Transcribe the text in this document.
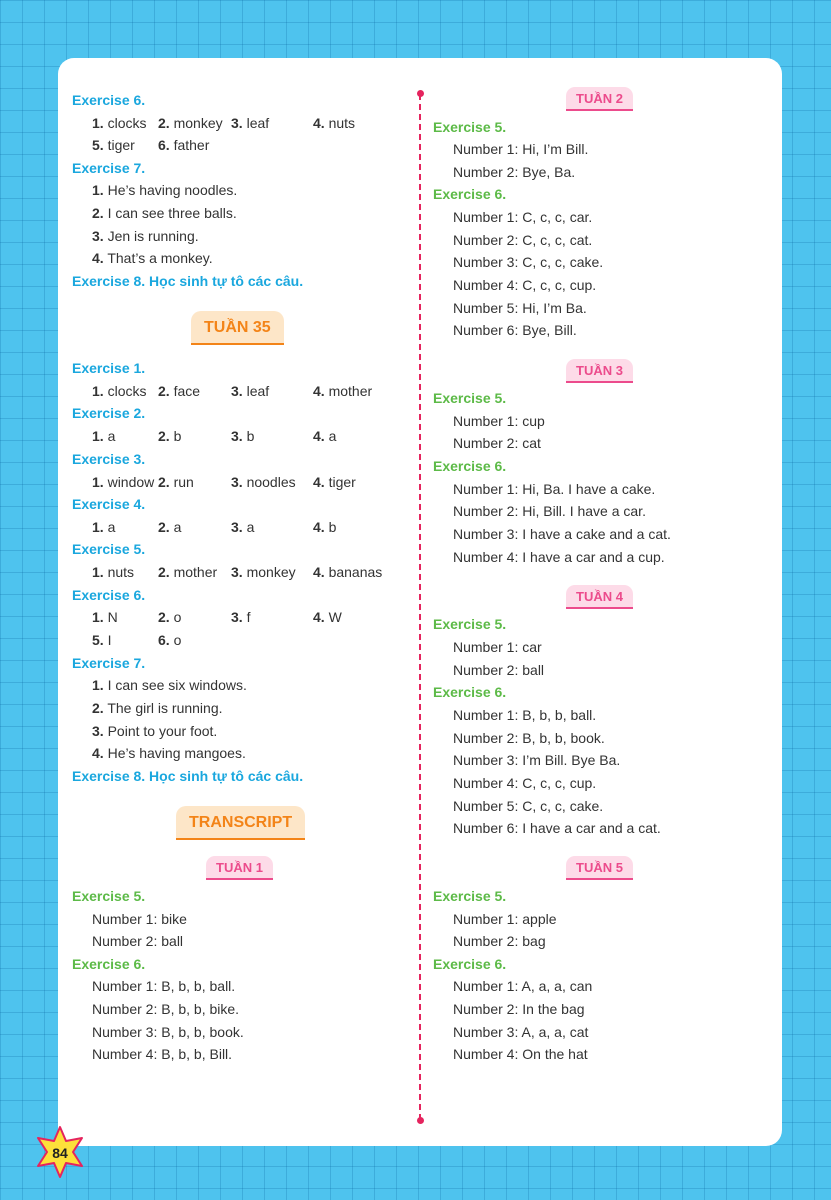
Exercise 6.
1. clocks 2. monkey 3. leaf	4. nuts
5. tiger 6. father
Exercise 7.
1. He’s having noodles.
2. I can see three balls.
3. Jen is running.
4. That’s a monkey.
Exercise 8. Học sinh tự tô các câu.
TUẦN 35
Exercise 1.
1. clocks 2. face 3. leaf	4. mother
Exercise 2.
1. a	2. b	3. b	4. a
Exercise 3.
1. window 2. run	3. noodles 4. tiger
Exercise 4.
1. a	2. a	3. a	4. b
Exercise 5.
1. nuts 2. mother 3. monkey 4. bananas
Exercise 6.
1. N	2. o	3. f	4. W
5. I	6. o
Exercise 7.
1. I can see six windows.
2. The girl is running.
3. Point to your foot.
4. He’s having mangoes.
Exercise 8. Học sinh tự tô các câu.
TRANSCRIPT
TUẦN 1
Exercise 5.
Number 1: bike
Number 2: ball
Exercise 6.
Number 1: B, b, b, ball.
Number 2: B, b, b, bike.
Number 3: B, b, b, book.
Number 4: B, b, b, Bill.
TUẦN 2
Exercise 5.
Number 1: Hi, I’m Bill.
Number 2: Bye, Ba.
Exercise 6.
Number 1: C, c, c, car.
Number 2: C, c, c, cat.
Number 3: C, c, c, cake.
Number 4: C, c, c, cup.
Number 5: Hi, I’m Ba.
Number 6: Bye, Bill.
TUẦN 3
Exercise 5.
Number 1: cup
Number 2: cat
Exercise 6.
Number 1: Hi, Ba. I have a cake.
Number 2: Hi, Bill. I have a car.
Number 3: I have a cake and a cat.
Number 4: I have a car and a cup.
TUẦN 4
Exercise 5.
Number 1: car
Number 2: ball
Exercise 6.
Number 1: B, b, b, ball.
Number 2: B, b, b, book.
Number 3: I’m Bill. Bye Ba.
Number 4: C, c, c, cup.
Number 5: C, c, c, cake.
Number 6: I have a car and a cat.
TUẦN 5
Exercise 5.
Number 1: apple
Number 2: bag
Exercise 6.
Number 1: A, a, a, can
Number 2: In the bag
Number 3: A, a, a, cat
Number 4: On the hat
84
